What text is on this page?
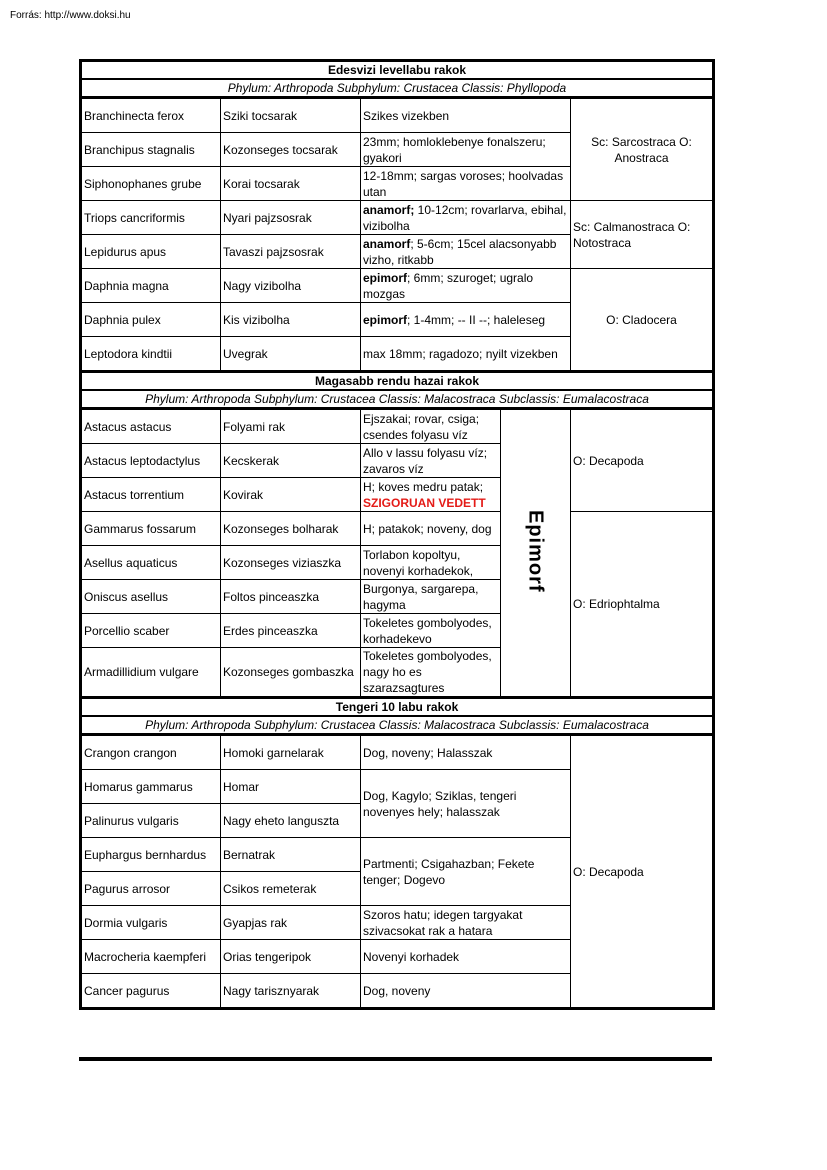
Forrás: http://www.doksi.hu
Edesvizi levellabu rakok				
Phylum: Arthropoda Subphylum: Crustacea Classis: Phyllopoda				
Branchinecta ferox	Sziki tocsarak	Szikes vizekben		Sc: Sarcostraca O: Anostraca
Branchipus stagnalis	Kozonseges tocsarak	23mm; homloklebenye fonalszeru; gyakori		
Siphonophanes grube	Korai tocsarak	12-18mm; sargas voroses; hoolvadas utan		
Triops cancriformis	Nyari pajzsosrak	anamorf; 10-12cm; rovarlarva, ebihal, vizibolha		Sc: Calmanostraca O: Notostraca
Lepidurus apus	Tavaszi pajzsosrak	anamorf; 5-6cm; 15cel alacsonyabb vizho, ritkabb		
Daphnia magna	Nagy vizibolha	epimorf; 6mm; szuroget; ugralo mozgas		O: Cladocera
Daphnia pulex	Kis vizibolha	epimorf; 1-4mm; -- II --; haleleseg		
Leptodora kindtii	Uvegrak	max 18mm; ragadozo; nyilt vizekben		
Magasabb rendu hazai rakok				
Phylum: Arthropoda Subphylum: Crustacea Classis: Malacostraca Subclassis: Eumalacostraca				
Astacus astacus	Folyami rak	Ejszakai; rovar, csiga; csendes folyasu víz	Epimorf	O: Decapoda
Astacus leptodactylus	Kecskerak	Allo v lassu folyasu víz; zavaros víz		
Astacus torrentium	Kovirak	H; koves medru patak;
SZIGORUAN VEDETT		
Gammarus fossarum	Kozonseges bolharak	H; patakok; noveny, dog		O: Edriophtalma
Asellus aquaticus	Kozonseges viziaszka	Torlabon kopoltyu, novenyi korhadekok,		
Oniscus asellus	Foltos pinceaszka	Burgonya, sargarepa, hagyma		
Porcellio scaber	Erdes pinceaszka	Tokeletes gombolyodes, korhadekevo		
Armadillidium vulgare	Kozonseges gombaszka	Tokeletes gombolyodes, nagy ho es szarazsagtures		
Tengeri 10 labu rakok				
Phylum: Arthropoda Subphylum: Crustacea Classis: Malacostraca Subclassis: Eumalacostraca				
Crangon crangon	Homoki garnelarak	Dog, noveny; Halasszak		O: Decapoda
Homarus gammarus	Homar	Dog, Kagylo; Sziklas, tengeri novenyes hely; halasszak		
Palinurus vulgaris	Nagy eheto languszta			
Euphargus bernhardus	Bernatrak	Partmenti; Csigahazban; Fekete tenger; Dogevo		
Pagurus arrosor	Csikos remeterak			
Dormia vulgaris	Gyapjas rak	Szoros hatu; idegen targyakat szivacsokat rak a hatara		
Macrocheria kaempferi	Orias tengeripok	Novenyi korhadek		
Cancer pagurus	Nagy tarisznyarak	Dog, noveny		
